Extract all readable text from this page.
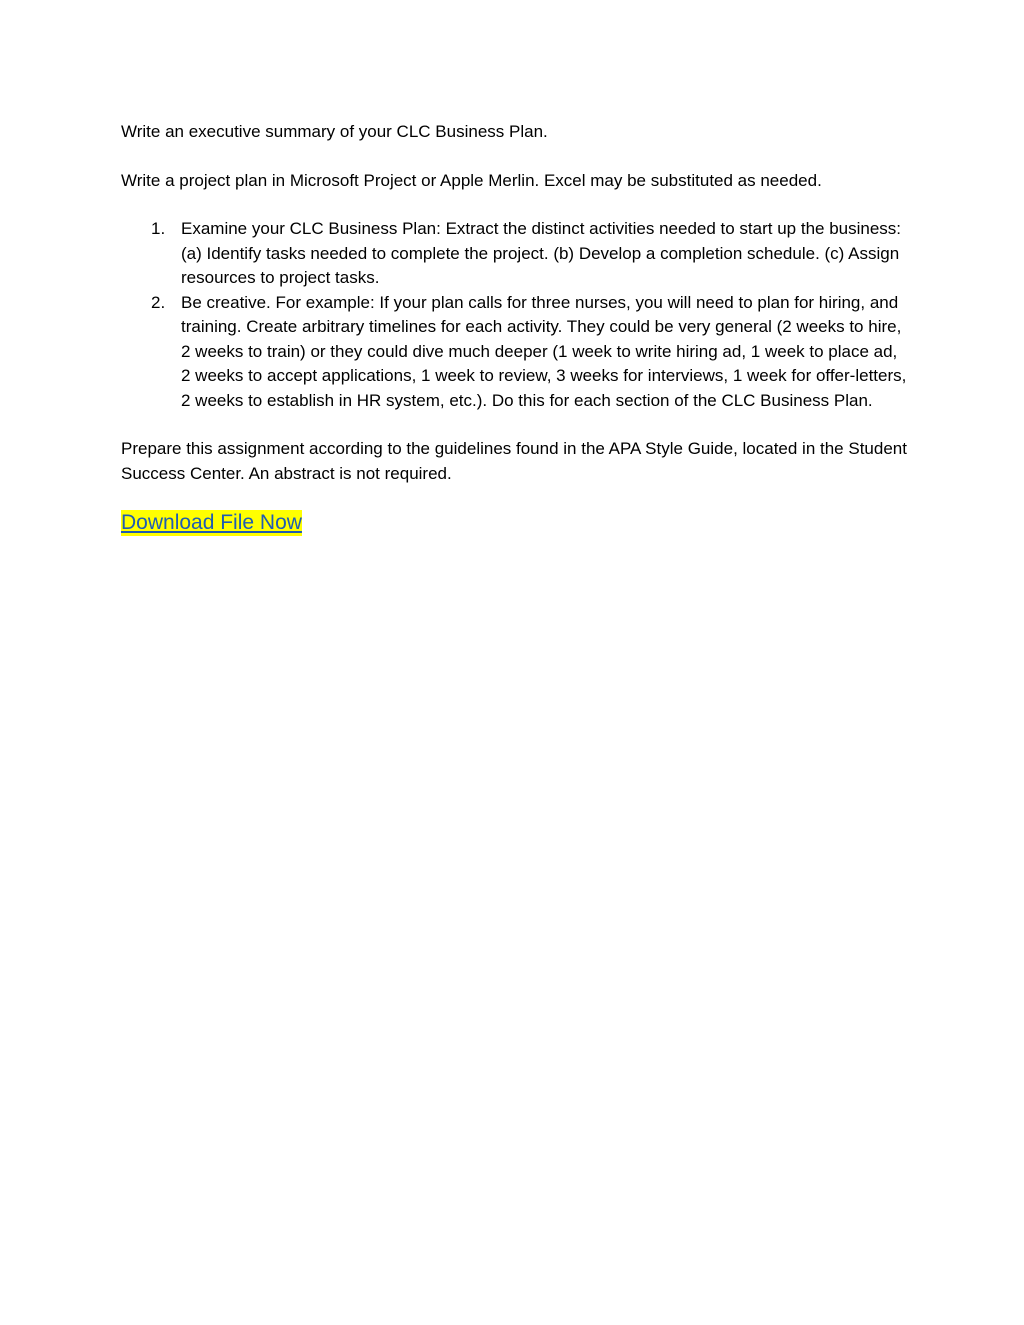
Write an executive summary of your CLC Business Plan.

Write a project plan in Microsoft Project or Apple Merlin. Excel may be substituted as needed.

1. Examine your CLC Business Plan: Extract the distinct activities needed to start up the business: (a) Identify tasks needed to complete the project. (b) Develop a completion schedule. (c) Assign resources to project tasks.
2. Be creative. For example: If your plan calls for three nurses, you will need to plan for hiring, and training. Create arbitrary timelines for each activity. They could be very general (2 weeks to hire, 2 weeks to train) or they could dive much deeper (1 week to write hiring ad, 1 week to place ad, 2 weeks to accept applications, 1 week to review, 3 weeks for interviews, 1 week for offer-letters, 2 weeks to establish in HR system, etc.). Do this for each section of the CLC Business Plan.

Prepare this assignment according to the guidelines found in the APA Style Guide, located in the Student Success Center. An abstract is not required.

Download File Now
